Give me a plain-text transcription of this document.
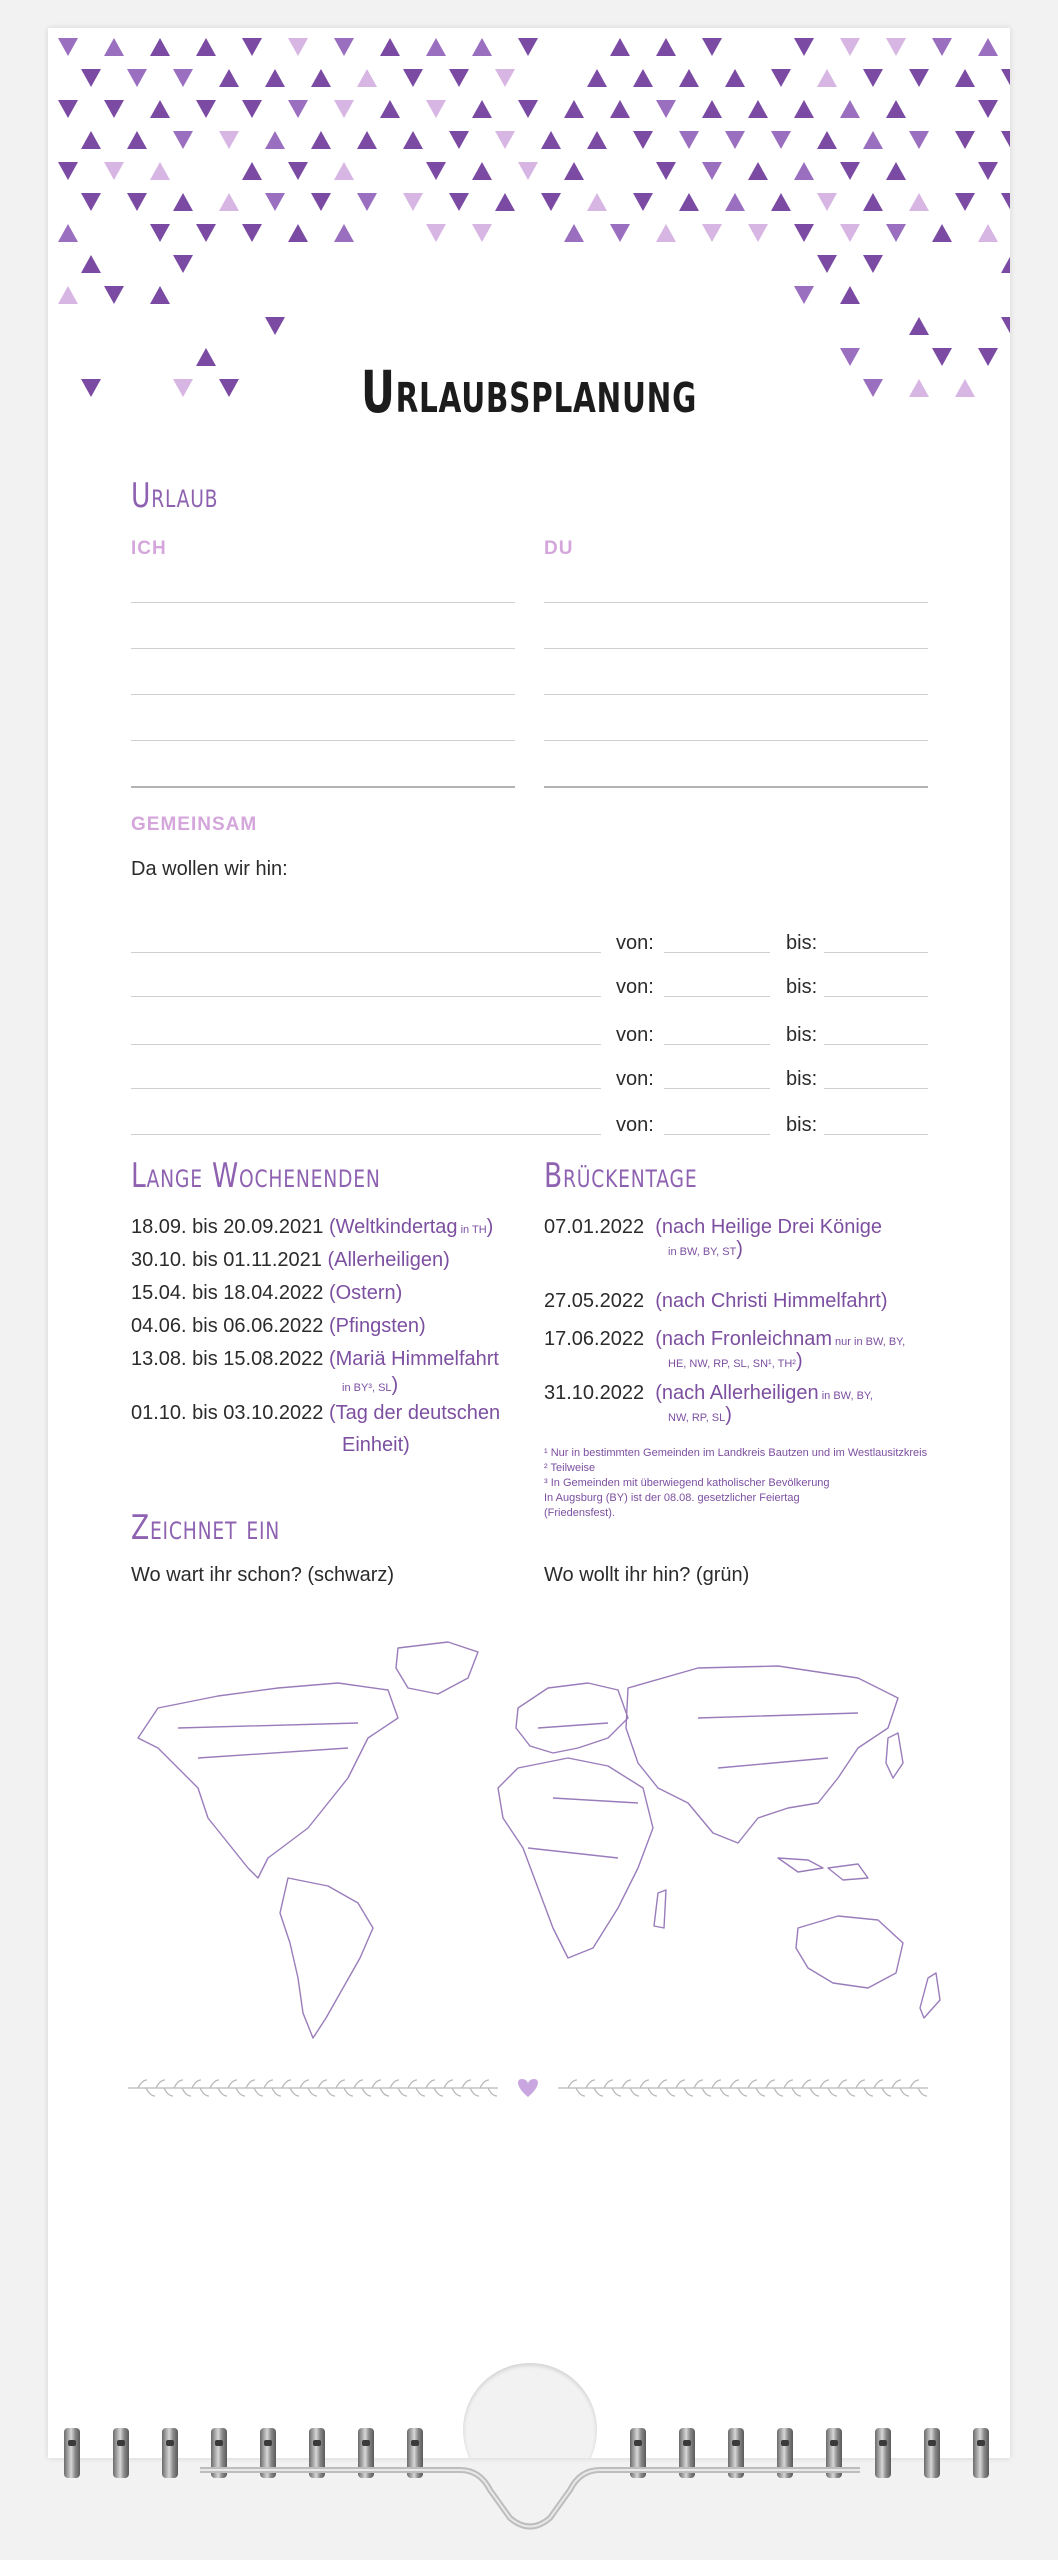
Urlaubsplanung
Urlaub
ICH	DU
GEMEINSAM
Da wollen wir hin:
von:	bis:
von:	bis:
von:	bis:
von:	bis:
von:	bis:
Lange Wochenenden
18.09. bis 20.09.2021 (Weltkindertag in TH)
30.10. bis 01.11.2021 (Allerheiligen)
15.04. bis 18.04.2022 (Ostern)
04.06. bis 06.06.2022 (Pfingsten)
13.08. bis 15.08.2022 (Mariä Himmelfahrt
in BY³, SL)
01.10. bis 03.10.2022 (Tag der deutschen
Einheit)
Brückentage
07.01.2022 (nach Heilige Drei Könige
in BW, BY, ST)
27.05.2022 (nach Christi Himmelfahrt)
17.06.2022 (nach Fronleichnam nur in BW, BY,
HE, NW, RP, SL, SN¹, TH²)
31.10.2022 (nach Allerheiligen in BW, BY,
NW, RP, SL)
¹ Nur in bestimmten Gemeinden im Landkreis Bautzen und im Westlausitzkreis
² Teilweise
³ In Gemeinden mit überwiegend katholischer Bevölkerung
In Augsburg (BY) ist der 08.08. gesetzlicher Feiertag
(Friedensfest).
Zeichnet ein
Wo wart ihr schon? (schwarz)	Wo wollt ihr hin? (grün)
